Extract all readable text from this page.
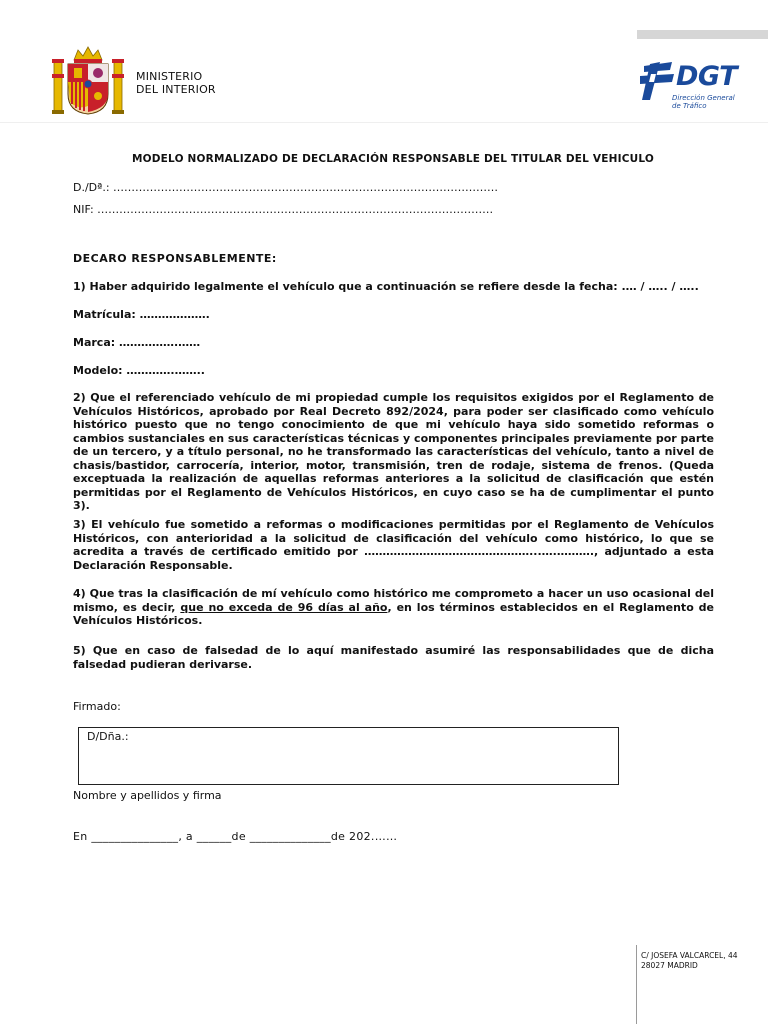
MINISTERIO
DEL INTERIOR	DGT
Dirección General
de Tráfico
MODELO NORMALIZADO DE DECLARACIÓN RESPONSABLE DEL TITULAR DEL VEHICULO
D./Dª.: ……………………………………………………………………………………………
NIF: ………………………………………………………………………………………………
DECARO RESPONSABLEMENTE:
1) Haber adquirido legalmente el vehículo que a continuación se refiere desde la fecha: .… / ….. / …..
Matrícula: ……………….
Marca: …………….……
Modelo: ………….……..
2) Que el referenciado vehículo de mi propiedad cumple los requisitos exigidos por el Reglamento de Vehículos Históricos, aprobado por Real Decreto 892/2024, para poder ser clasificado como vehículo histórico puesto que no tengo conocimiento de que mi vehículo haya sido sometido reformas o cambios sustanciales en sus características técnicas y componentes principales previamente por parte de un tercero, y a título personal, no he transformado las características del vehículo, tanto a nivel de chasis/bastidor, carrocería, interior, motor, transmisión, tren de rodaje, sistema de frenos. (Queda exceptuada la realización de aquellas reformas anteriores a la solicitud de clasificación que estén permitidas por el Reglamento de Vehículos Históricos, en cuyo caso se ha de cumplimentar el punto 3).
3) El vehículo fue sometido a reformas o modificaciones permitidas por el Reglamento de Vehículos Históricos, con anterioridad a la solicitud de clasificación del vehículo como histórico, lo que se acredita a través de certificado emitido por ………………………………………...….………., adjuntado a esta Declaración Responsable.
4) Que tras la clasificación de mí vehículo como histórico me comprometo a hacer un uso ocasional del mismo, es decir, que no exceda de 96 días al año, en los términos establecidos en el Reglamento de Vehículos Históricos.
5) Que en caso de falsedad de lo aquí manifestado asumiré las responsabilidades que de dicha falsedad pudieran derivarse.
Firmado:
D/Dña.:
Nombre y apellidos y firma
En _______________, a ______de ______________de 202.……
C/ JOSEFA VALCARCEL, 44
28027 MADRID
